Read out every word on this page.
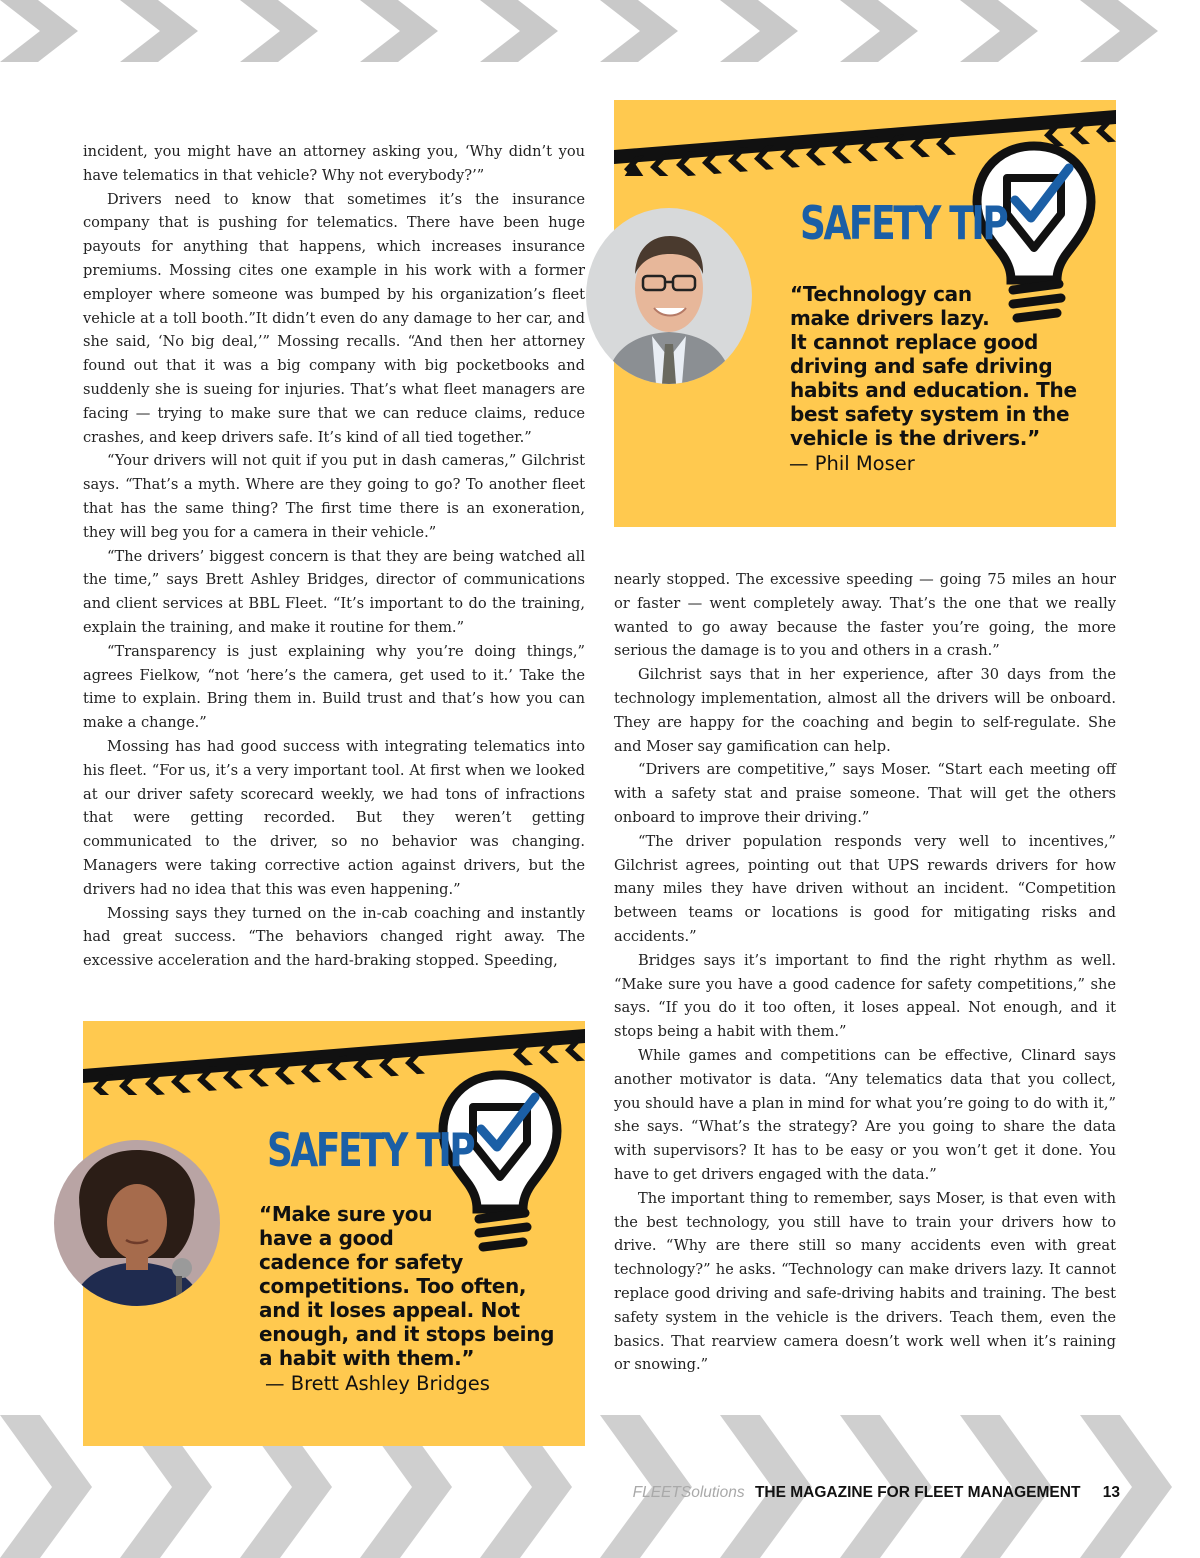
incident, you might have an attorney asking you, ‘Why didn’t you have telematics in that vehicle? Why not everybody?’”

Drivers need to know that sometimes it’s the insurance company that is pushing for telematics. There have been huge payouts for anything that happens, which increases insurance premiums. Mossing cites one example in his work with a former employer where someone was bumped by his organization’s fleet vehicle at a toll booth.”It didn’t even do any damage to her car, and she said, ‘No big deal,’” Mossing recalls. “And then her attorney found out that it was a big company with big pocketbooks and suddenly she is sueing for injuries. That’s what fleet managers are facing — trying to make sure that we can reduce claims, reduce crashes, and keep drivers safe. It’s kind of all tied together.”

“Your drivers will not quit if you put in dash cameras,” Gilchrist says. “That’s a myth. Where are they going to go? To another fleet that has the same thing? The first time there is an exoneration, they will beg you for a camera in their vehicle.”

“The drivers’ biggest concern is that they are being watched all the time,” says Brett Ashley Bridges, director of communications and client services at BBL Fleet. “It’s important to do the training, explain the training, and make it routine for them.”

“Transparency is just explaining why you’re doing things,” agrees Fielkow, “not ‘here’s the camera, get used to it.’ Take the time to explain. Bring them in. Build trust and that’s how you can make a change.”

Mossing has had good success with integrating telematics into his fleet. “For us, it’s a very important tool. At first when we looked at our driver safety scorecard weekly, we had tons of infractions that were getting recorded. But they weren’t getting communicated to the driver, so no behavior was changing. Managers were taking corrective action against drivers, but the drivers had no idea that this was even happening.”

Mossing says they turned on the in-cab coaching and instantly had great success. “The behaviors changed right away. The excessive acceleration and the hard-braking stopped. Speeding,

SAFETY TIP
“Technology can
make drivers lazy.
It cannot replace good
driving and safe driving
habits and education. The
best safety system in the
vehicle is the drivers.”
— Phil Moser
SAFETY TIP
“Make sure you
have a good
cadence for safety
competitions. Too often,
and it loses appeal. Not
enough, and it stops being
a habit with them.”
— Brett Ashley Bridges

nearly stopped. The excessive speeding — going 75 miles an hour or faster — went completely away. That’s the one that we really wanted to go away because the faster you’re going, the more serious the damage is to you and others in a crash.”

Gilchrist says that in her experience, after 30 days from the technology implementation, almost all the drivers will be onboard. They are happy for the coaching and begin to self-regulate. She and Moser say gamification can help.

“Drivers are competitive,” says Moser. “Start each meeting off with a safety stat and praise someone. That will get the others onboard to improve their driving.”

“The driver population responds very well to incentives,” Gilchrist agrees, pointing out that UPS rewards drivers for how many miles they have driven without an incident. “Competition between teams or locations is good for mitigating risks and accidents.”

Bridges says it’s important to find the right rhythm as well. “Make sure you have a good cadence for safety competitions,” she says. “If you do it too often, it loses appeal. Not enough, and it stops being a habit with them.”

While games and competitions can be effective, Clinard says another motivator is data. “Any telematics data that you collect, you should have a plan in mind for what you’re going to do with it,” she says. “What’s the strategy? Are you going to share the data with supervisors? It has to be easy or you won’t get it done. You have to get drivers engaged with the data.”

The important thing to remember, says Moser, is that even with the best technology, you still have to train your drivers how to drive. “Why are there still so many accidents even with great technology?” he asks. “Technology can make drivers lazy. It cannot replace good driving and safe-driving habits and training. The best safety system in the vehicle is the drivers. Teach them, even the basics. That rearview camera doesn’t work well when it’s raining or snowing.”

FLEETSolutions THE MAGAZINE FOR FLEET MANAGEMENT 13
